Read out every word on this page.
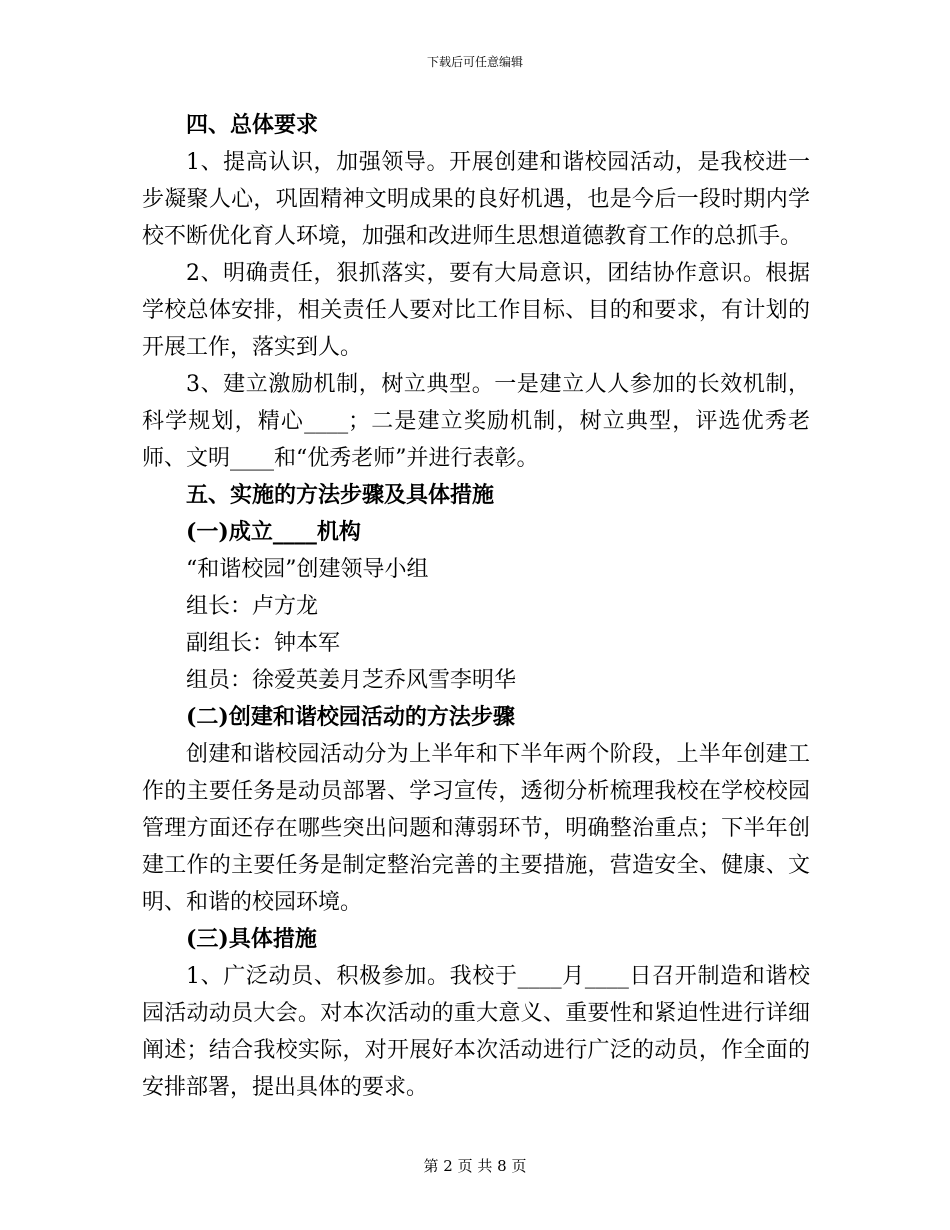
下载后可任意编辑

四、总体要求

1、提高认识，加强领导。开展创建和谐校园活动，是我校进一步凝聚人心，巩固精神文明成果的良好机遇，也是今后一段时期内学校不断优化育人环境，加强和改进师生思想道德教育工作的总抓手。

2、明确责任，狠抓落实，要有大局意识，团结协作意识。根据学校总体安排，相关责任人要对比工作目标、目的和要求，有计划的开展工作，落实到人。

3、建立激励机制，树立典型。一是建立人人参加的长效机制，科学规划，精心____；二是建立奖励机制，树立典型，评选优秀老师、文明____和“优秀老师”并进行表彰。

五、实施的方法步骤及具体措施

(一)成立____机构

“和谐校园”创建领导小组

组长：卢方龙

副组长：钟本军

组员：徐爱英姜月芝乔风雪李明华

(二)创建和谐校园活动的方法步骤

创建和谐校园活动分为上半年和下半年两个阶段，上半年创建工作的主要任务是动员部署、学习宣传，透彻分析梳理我校在学校校园管理方面还存在哪些突出问题和薄弱环节，明确整治重点；下半年创建工作的主要任务是制定整治完善的主要措施，营造安全、健康、文明、和谐的校园环境。

(三)具体措施

1、广泛动员、积极参加。我校于____月____日召开制造和谐校园活动动员大会。对本次活动的重大意义、重要性和紧迫性进行详细阐述；结合我校实际，对开展好本次活动进行广泛的动员，作全面的安排部署，提出具体的要求。

第 2 页 共 8 页
